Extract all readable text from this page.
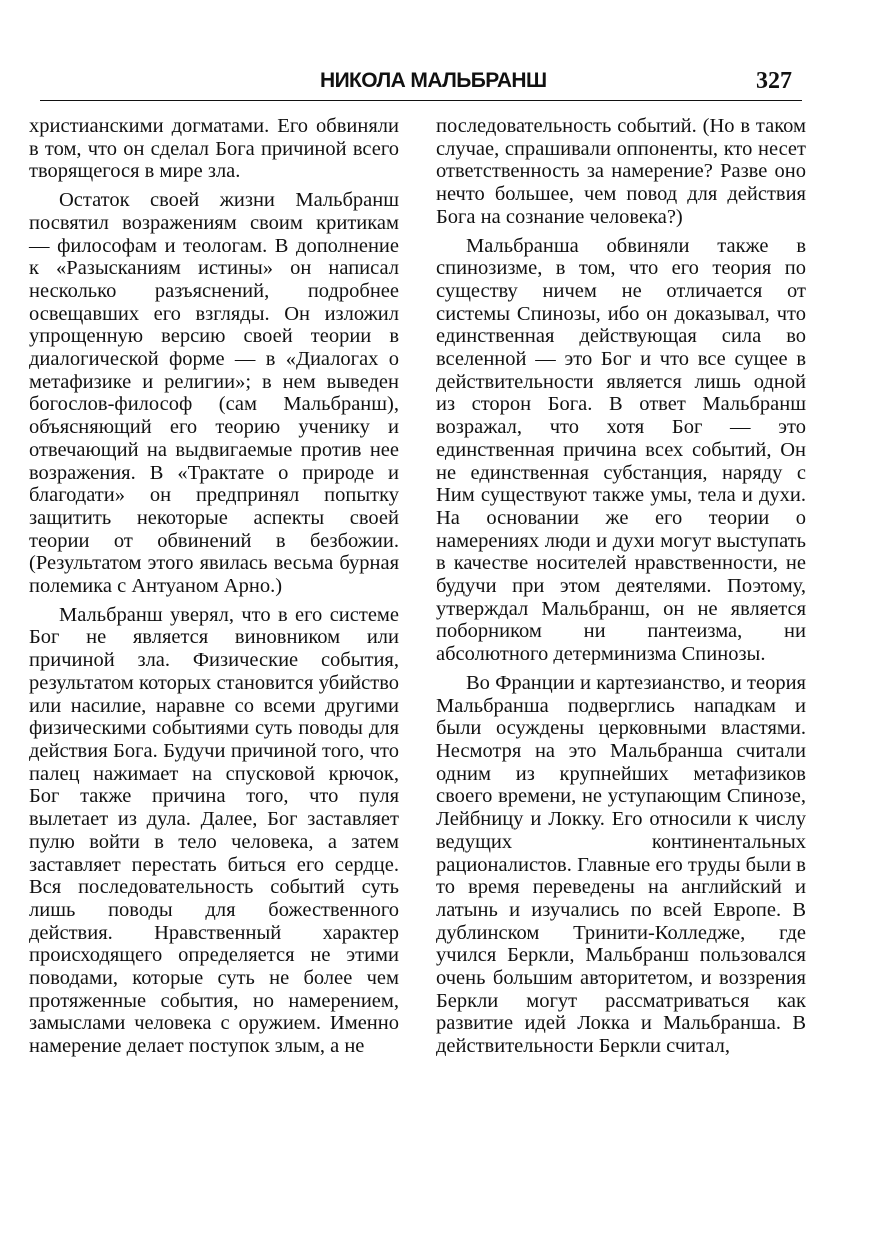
НИКОЛА МАЛЬБРАНШ	327

христианскими догматами. Его обвиняли в том, что он сделал Бога причиной всего творящегося в мире зла.

Остаток своей жизни Мальбранш посвятил возражениям своим критикам — философам и теологам. В дополнение к «Разысканиям истины» он написал несколько разъяснений, подробнее освещавших его взгляды. Он изложил упрощенную версию своей теории в диалогической форме — в «Диалогах о метафизике и религии»; в нем выведен богослов-философ (сам Мальбранш), объясняющий его теорию ученику и отвечающий на выдвигаемые против нее возражения. В «Трактате о природе и благодати» он предпринял попытку защитить некоторые аспекты своей теории от обвинений в безбожии. (Результатом этого явилась весьма бурная полемика с Антуаном Арно.)

Мальбранш уверял, что в его системе Бог не является виновником или причиной зла. Физические события, результатом которых становится убийство или насилие, наравне со всеми другими физическими событиями суть поводы для действия Бога. Будучи причиной того, что палец нажимает на спусковой крючок, Бог также причина того, что пуля вылетает из дула. Далее, Бог заставляет пулю войти в тело человека, а затем заставляет перестать биться его сердце. Вся последовательность событий суть лишь поводы для божественного действия. Нравственный характер происходящего определяется не этими поводами, которые суть не более чем протяженные события, но намерением, замыслами человека с оружием. Именно намерение делает поступок злым, а не

последовательность событий. (Но в таком случае, спрашивали оппоненты, кто несет ответственность за намерение? Разве оно нечто большее, чем повод для действия Бога на сознание человека?)

Мальбранша обвиняли также в спинозизме, в том, что его теория по существу ничем не отличается от системы Спинозы, ибо он доказывал, что единственная действующая сила во вселенной — это Бог и что все сущее в действительности является лишь одной из сторон Бога. В ответ Мальбранш возражал, что хотя Бог — это единственная причина всех событий, Он не единственная субстанция, наряду с Ним существуют также умы, тела и духи. На основании же его теории о намерениях люди и духи могут выступать в качестве носителей нравственности, не будучи при этом деятелями. Поэтому, утверждал Мальбранш, он не является поборником ни пантеизма, ни абсолютного детерминизма Спинозы.

Во Франции и картезианство, и теория Мальбранша подверглись нападкам и были осуждены церковными властями. Несмотря на это Мальбранша считали одним из крупнейших метафизиков своего времени, не уступающим Спинозе, Лейбницу и Локку. Его относили к числу ведущих континентальных рационалистов. Главные его труды были в то время переведены на английский и латынь и изучались по всей Европе. В дублинском Тринити-Колледже, где учился Беркли, Мальбранш пользовался очень большим авторитетом, и воззрения Беркли могут рассматриваться как развитие идей Локка и Мальбранша. В действительности Беркли считал,
